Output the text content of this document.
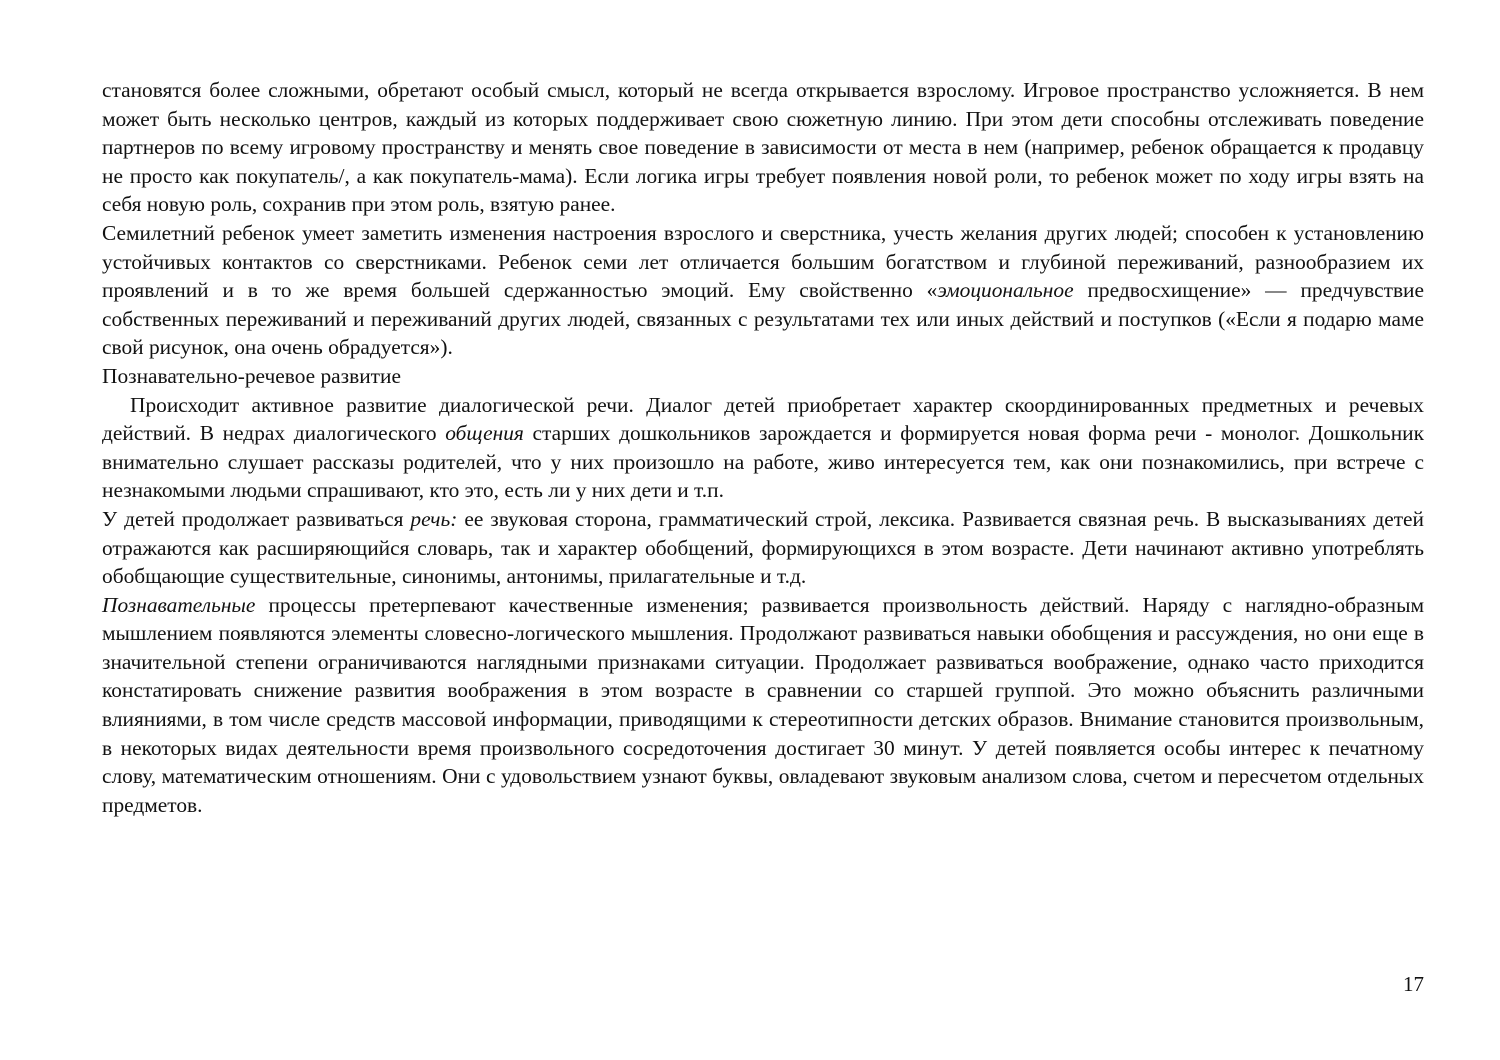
становятся более сложными, обретают особый смысл, который не всегда открывается взрослому. Игровое пространство усложняется. В нем может быть несколько центров, каждый из которых поддерживает свою сюжетную линию. При этом дети способны отслеживать поведение партнеров по всему игровому пространству и менять свое поведение в зависимости от места в нем (например, ребенок обращается к продавцу не просто как покупатель/, а как покупатель-мама). Если логика игры требует появления новой роли, то ребенок может по ходу игры взять на себя новую роль, сохранив при этом роль, взятую ранее.

Семилетний ребенок умеет заметить изменения настроения взрослого и сверстника, учесть желания других людей; способен к установлению устойчивых контактов со сверстниками. Ребенок семи лет отличается большим богатством и глубиной переживаний, разнообразием их проявлений и в то же время большей сдержанностью эмоций. Ему свойственно «эмоциональное предвосхищение» — предчувствие собственных переживаний и переживаний других людей, связанных с результатами тех или иных действий и поступков («Если я подарю маме свой рисунок, она очень обрадуется»).

Познавательно-речевое развитие

Происходит активное развитие диалогической речи. Диалог детей приобретает характер скоординированных предметных и речевых действий. В недрах диалогического общения старших дошкольников зарождается и формируется новая форма речи - монолог. Дошкольник внимательно слушает рассказы родителей, что у них произошло на работе, живо интересуется тем, как они познакомились, при встрече с незнакомыми людьми спрашивают, кто это, есть ли у них дети и т.п.

У детей продолжает развиваться речь: ее звуковая сторона, грамматический строй, лексика. Развивается связная речь. В высказываниях детей отражаются как расширяющийся словарь, так и характер обобщений, формирующихся в этом возрасте. Дети начинают активно употреблять обобщающие существительные, синонимы, антонимы, прилагательные и т.д.

Познавательные процессы претерпевают качественные изменения; развивается произвольность действий. Наряду с наглядно-образным мышлением появляются элементы словесно-логического мышления. Продолжают развиваться навыки обобщения и рассуждения, но они еще в значительной степени ограничиваются наглядными признаками ситуации. Продолжает развиваться воображение, однако часто приходится констатировать снижение развития воображения в этом возрасте в сравнении со старшей группой. Это можно объяснить различными влияниями, в том числе средств массовой информации, приводящими к стереотипности детских образов. Внимание становится произвольным, в некоторых видах деятельности время произвольного сосредоточения достигает 30 минут. У детей появляется особы интерес к печатному слову, математическим отношениям. Они с удовольствием узнают буквы, овладевают звуковым анализом слова, счетом и пересчетом отдельных предметов.

17
